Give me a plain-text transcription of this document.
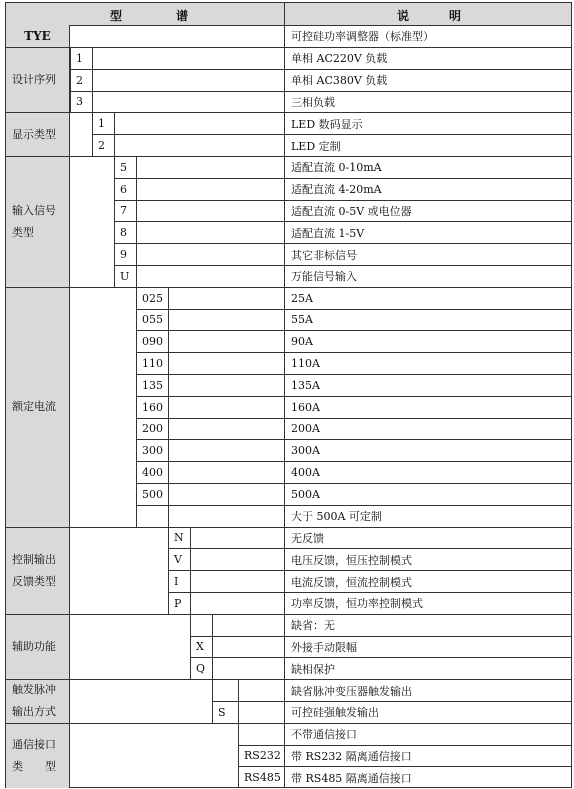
型	谱	说	明
TYE	可控硅功率调整器（标准型）
设计序列
1	单相 AC220V 负载
2	单相 AC380V 负载
3	三相负载
显示类型
1	LED 数码显示
2	LED 定制
输入信号
类型
5	适配直流 0-10mA
6	适配直流 4-20mA
7	适配直流 0-5V 或电位器
8	适配直流 1-5V
9	其它非标信号
U	万能信号输入
额定电流
025	25A
055	55A
090	90A
110	110A
135	135A
160	160A
200	200A
300	300A
400	400A
500	500A
大于 500A 可定制
控制输出
反馈类型
N	无反馈
V	电压反馈，恒压控制模式
I	电流反馈，恒流控制模式
P	功率反馈，恒功率控制模式
辅助功能
缺省：无
X	外接手动限幅
Q	缺相保护
触发脉冲
输出方式
缺省脉冲变压器触发输出
S	可控硅强触发输出
通信接口
类　　型
不带通信接口
RS232 带 RS232 隔离通信接口
RS485 带 RS485 隔离通信接口
